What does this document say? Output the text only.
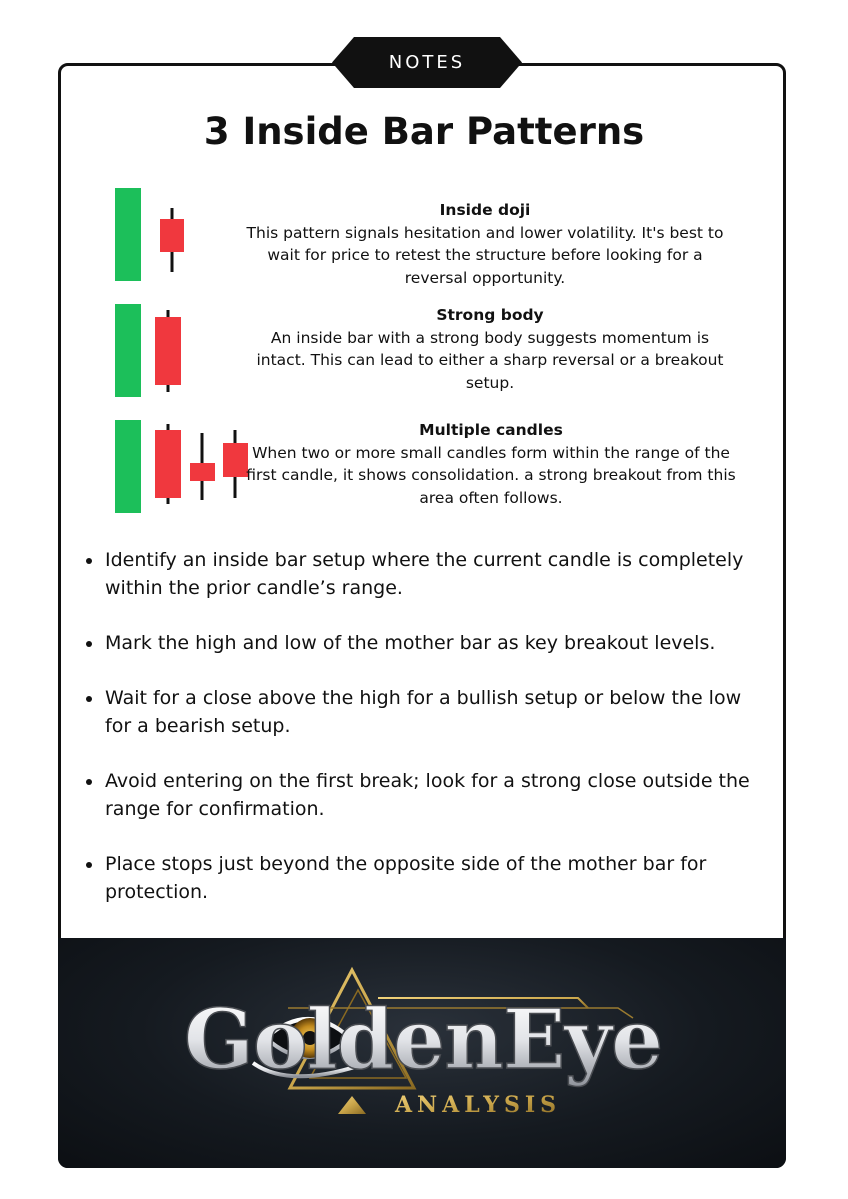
NOTES
3 Inside Bar Patterns
Inside doji
This pattern signals hesitation and lower volatility. It's best to wait for price to retest the structure before looking for a reversal opportunity.
Strong body
An inside bar with a strong body suggests momentum is intact. This can lead to either a sharp reversal or a breakout setup.
Multiple candles
When two or more small candles form within the range of the first candle, it shows consolidation. a strong breakout from this area often follows.
Identify an inside bar setup where the current candle is completely within the prior candle’s range.
Mark the high and low of the mother bar as key breakout levels.
Wait for a close above the high for a bullish setup or below the low for a bearish setup.
Avoid entering on the first break; look for a strong close outside the range for confirmation.
Place stops just beyond the opposite side of the mother bar for protection.
GoldenEye
ANALYSIS
